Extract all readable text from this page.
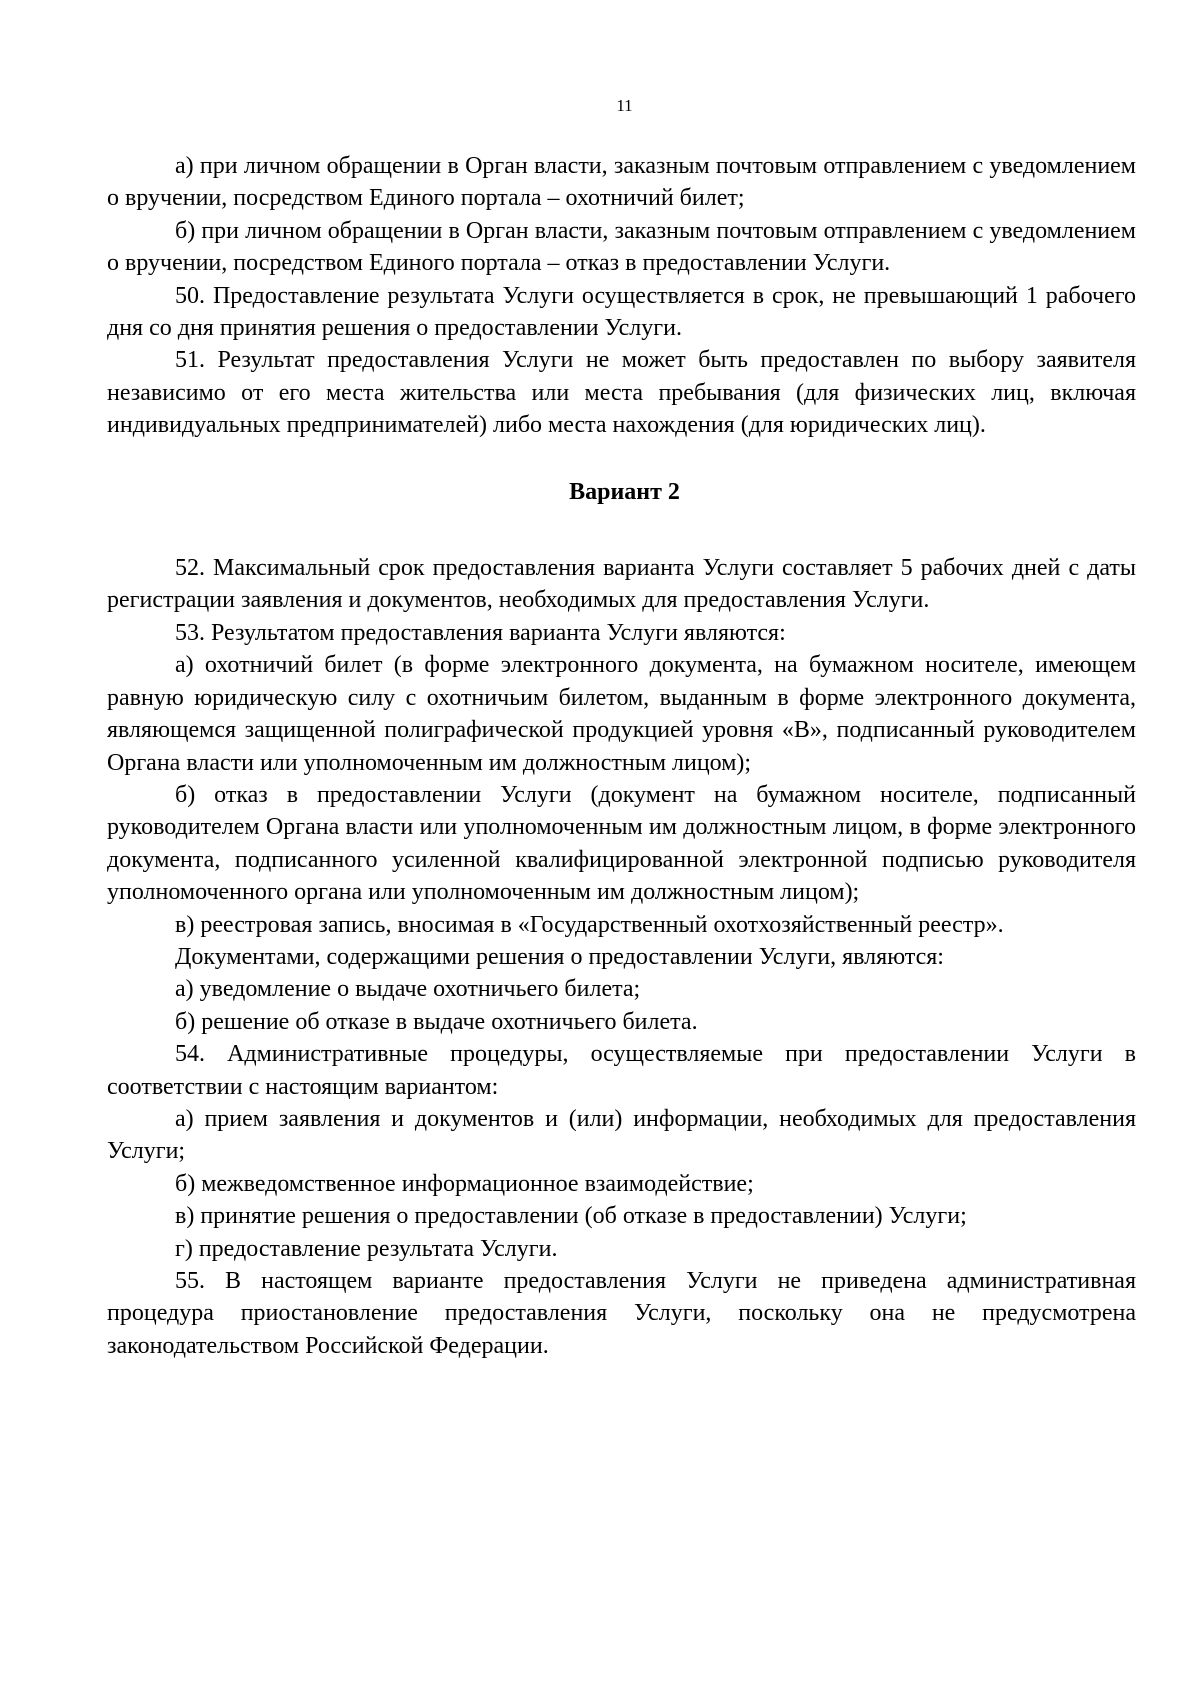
11

а) при личном обращении в Орган власти, заказным почтовым отправлением с уведомлением о вручении, посредством Единого портала – охотничий билет;

б) при личном обращении в Орган власти, заказным почтовым отправлением с уведомлением о вручении, посредством Единого портала – отказ в предоставлении Услуги.

50. Предоставление результата Услуги осуществляется в срок, не превышающий 1 рабочего дня со дня принятия решения о предоставлении Услуги.

51. Результат предоставления Услуги не может быть предоставлен по выбору заявителя независимо от его места жительства или места пребывания (для физических лиц, включая индивидуальных предпринимателей) либо места нахождения (для юридических лиц).

Вариант 2

52. Максимальный срок предоставления варианта Услуги составляет 5 рабочих дней с даты регистрации заявления и документов, необходимых для предоставления Услуги.

53. Результатом предоставления варианта Услуги являются:

а) охотничий билет (в форме электронного документа, на бумажном носителе, имеющем равную юридическую силу с охотничьим билетом, выданным в форме электронного документа, являющемся защищенной полиграфической продукцией уровня «В», подписанный руководителем Органа власти или уполномоченным им должностным лицом);

б) отказ в предоставлении Услуги (документ на бумажном носителе, подписанный руководителем Органа власти или уполномоченным им должностным лицом, в форме электронного документа, подписанного усиленной квалифицированной электронной подписью руководителя уполномоченного органа или уполномоченным им должностным лицом);

в) реестровая запись, вносимая в «Государственный охотхозяйственный реестр».

Документами, содержащими решения о предоставлении Услуги, являются:

а) уведомление о выдаче охотничьего билета;

б) решение об отказе в выдаче охотничьего билета.

54. Административные процедуры, осуществляемые при предоставлении Услуги в соответствии с настоящим вариантом:

а) прием заявления и документов и (или) информации, необходимых для предоставления Услуги;

б) межведомственное информационное взаимодействие;

в) принятие решения о предоставлении (об отказе в предоставлении) Услуги;

г) предоставление результата Услуги.

55. В настоящем варианте предоставления Услуги не приведена административная процедура приостановление предоставления Услуги, поскольку она не предусмотрена законодательством Российской Федерации.
